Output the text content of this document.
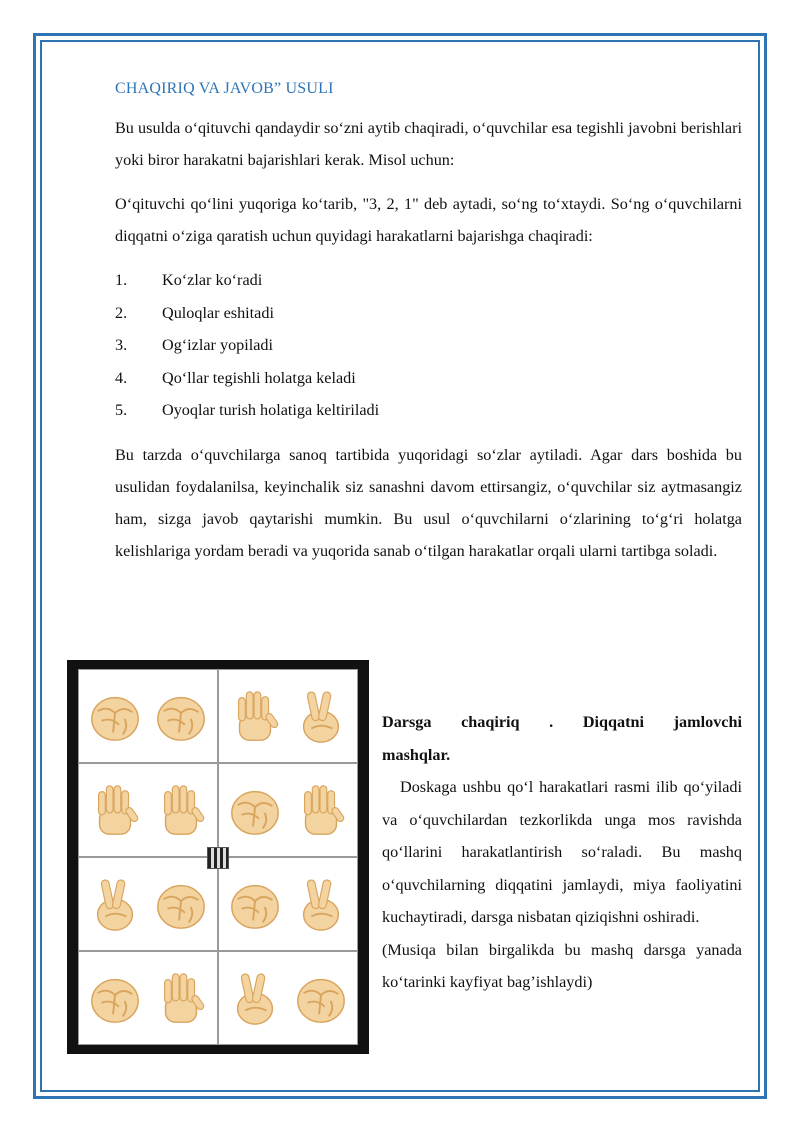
CHAQIRIQ VA JAVOB” USULI

Bu usulda o‘qituvchi qandaydir so‘zni aytib chaqiradi, o‘quvchilar esa tegishli javobni berishlari yoki biror harakatni bajarishlari kerak. Misol uchun:

O‘qituvchi qo‘lini yuqoriga ko‘tarib, "3, 2, 1" deb aytadi, so‘ng to‘xtaydi. So‘ng o‘quvchilarni diqqatni o‘ziga qaratish uchun quyidagi harakatlarni bajarishga chaqiradi:

1.	Ko‘zlar ko‘radi
2.	Quloqlar eshitadi
3.	Og‘izlar yopiladi
4.	Qo‘llar tegishli holatga keladi
5.	Oyoqlar turish holatiga keltiriladi

Bu tarzda o‘quvchilarga sanoq tartibida yuqoridagi so‘zlar aytiladi. Agar dars boshida bu usulidan foydalanilsa, keyinchalik siz sanashni davom ettirsangiz, o‘quvchilar siz aytmasangiz ham, sizga javob qaytarishi mumkin. Bu usul o‘quvchilarni o‘zlarining to‘g‘ri holatga kelishlariga yordam beradi va yuqorida sanab o‘tilgan harakatlar orqali ularni tartibga soladi.

Darsga chaqiriq . Diqqatni jamlovchi

mashqlar.

Doskaga ushbu qo‘l harakatlari rasmi ilib qo‘yiladi va o‘quvchilardan tezkorlikda unga mos ravishda qo‘llarini harakatlantirish so‘raladi. Bu mashq o‘quvchilarning diqqatini jamlaydi, miya faoliyatini kuchaytiradi, darsga nisbatan qiziqishni oshiradi.

(Musiqa bilan birgalikda bu mashq darsga yanada ko‘tarinki kayfiyat bag’ishlaydi)
